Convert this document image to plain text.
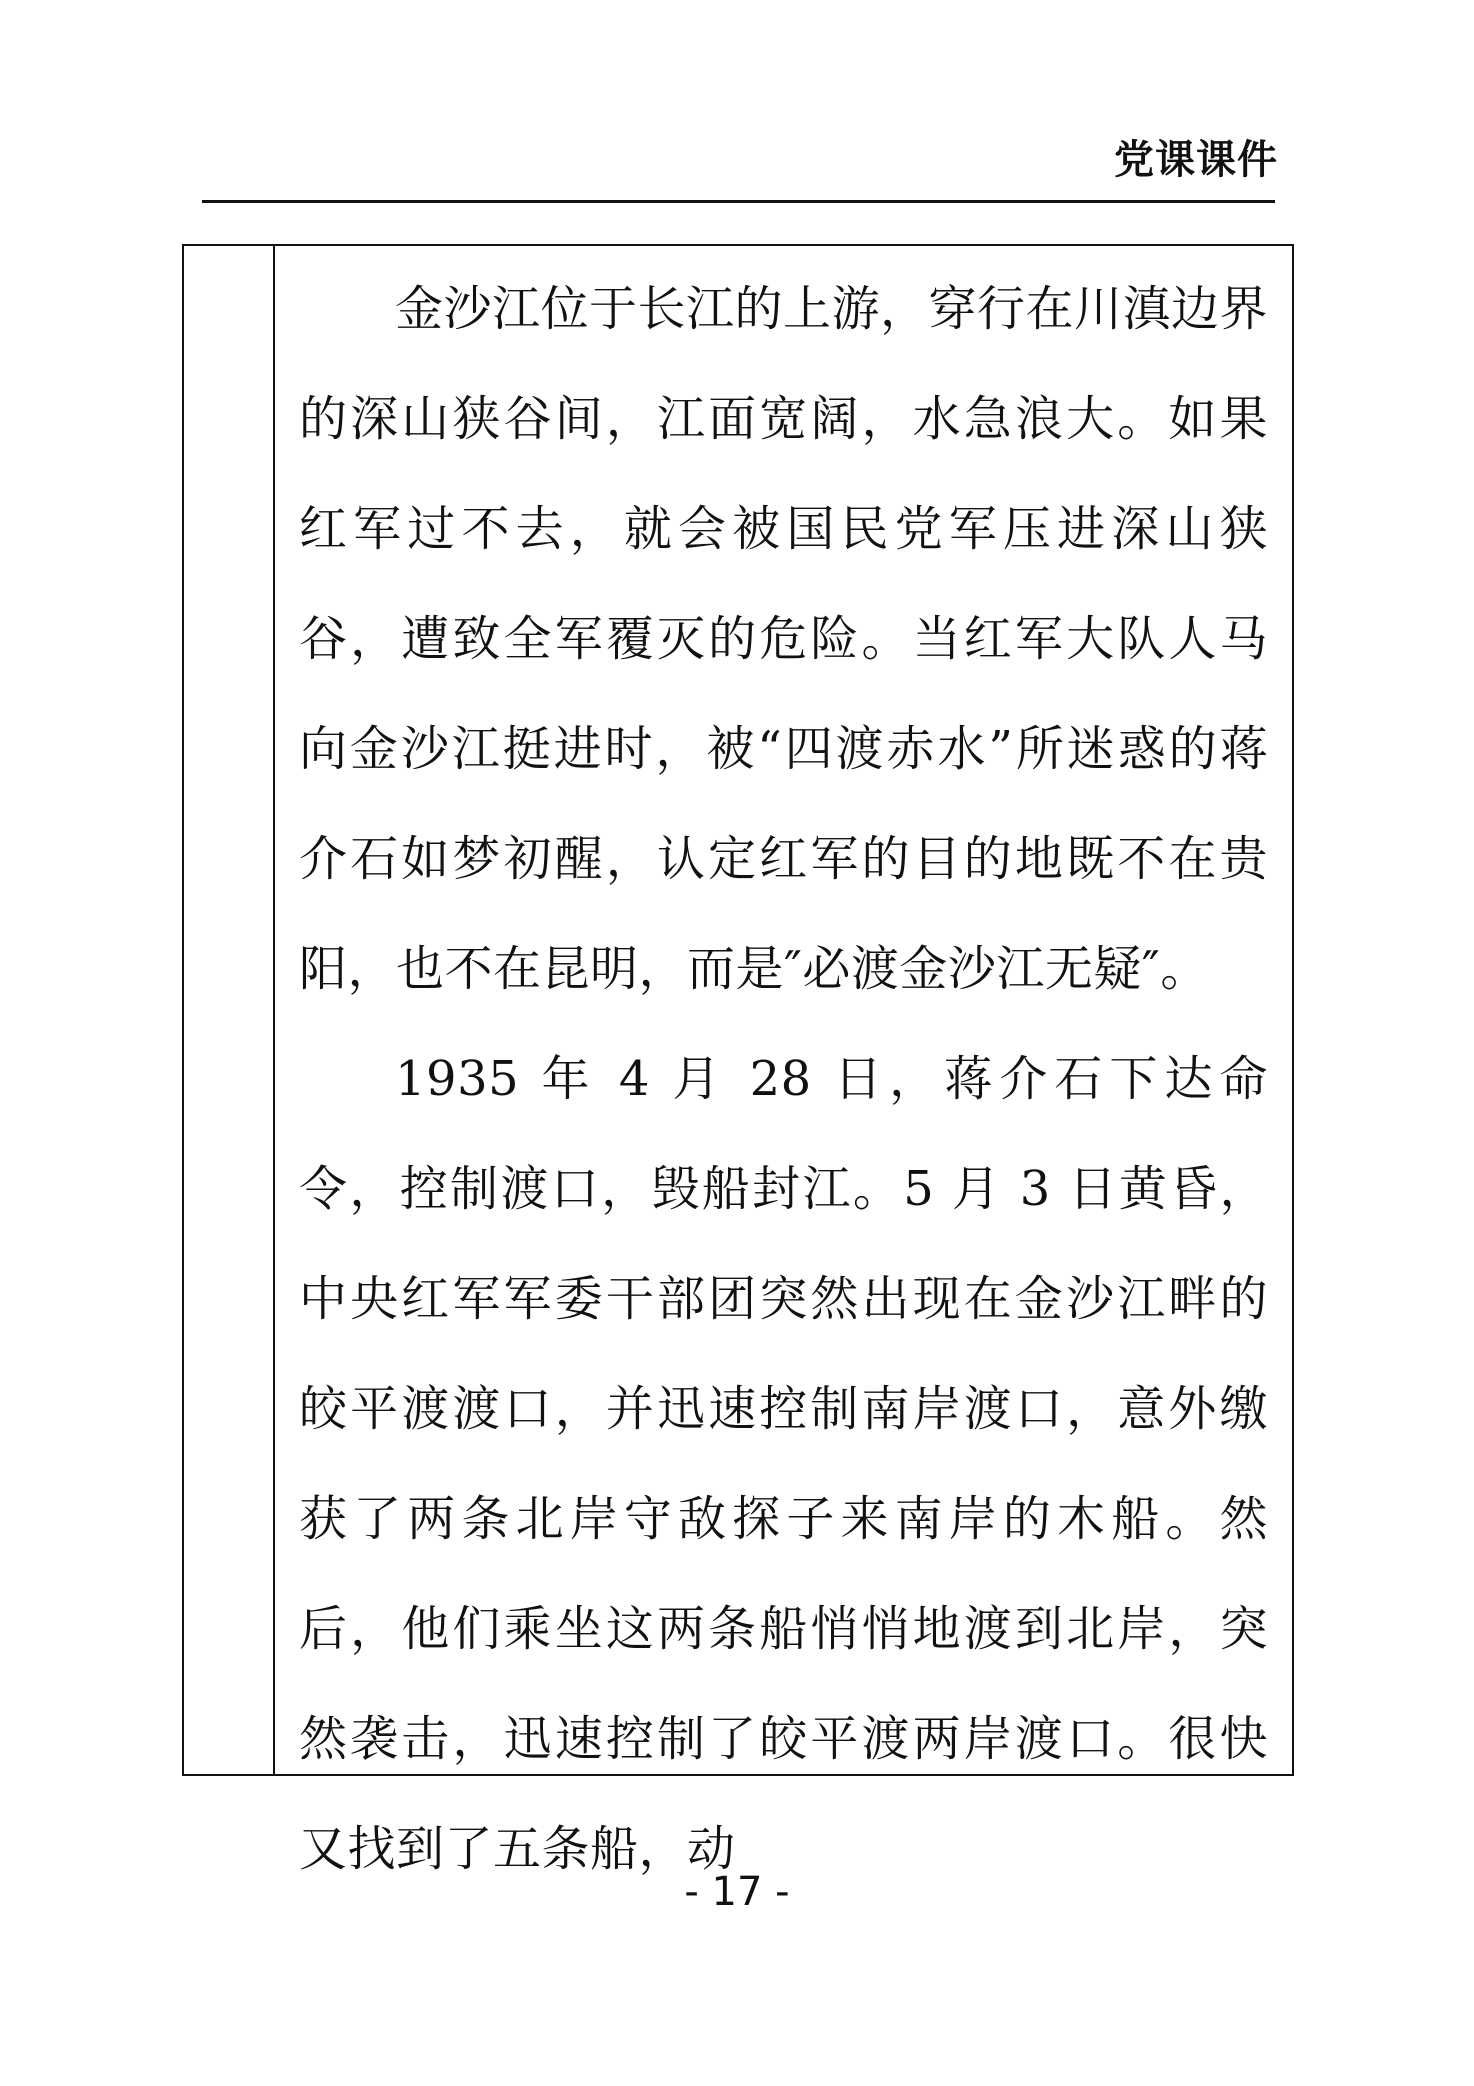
党课课件

金沙江位于长江的上游，穿行在川滇边界的深山狭谷间，江面宽阔，水急浪大。如果红军过不去，就会被国民党军压进深山狭谷，遭致全军覆灭的危险。当红军大队人马向金沙江挺进时，被“四渡赤水”所迷惑的蒋介石如梦初醒，认定红军的目的地既不在贵阳，也不在昆明，而是″必渡金沙江无疑″。

1935 年 4 月 28 日，蒋介石下达命令，控制渡口，毁船封江。5 月 3 日黄昏，中央红军军委干部团突然出现在金沙江畔的皎平渡渡口，并迅速控制南岸渡口，意外缴获了两条北岸守敌探子来南岸的木船。然后，他们乘坐这两条船悄悄地渡到北岸，突然袭击，迅速控制了皎平渡两岸渡口。很快又找到了五条船，动

- 17 -
